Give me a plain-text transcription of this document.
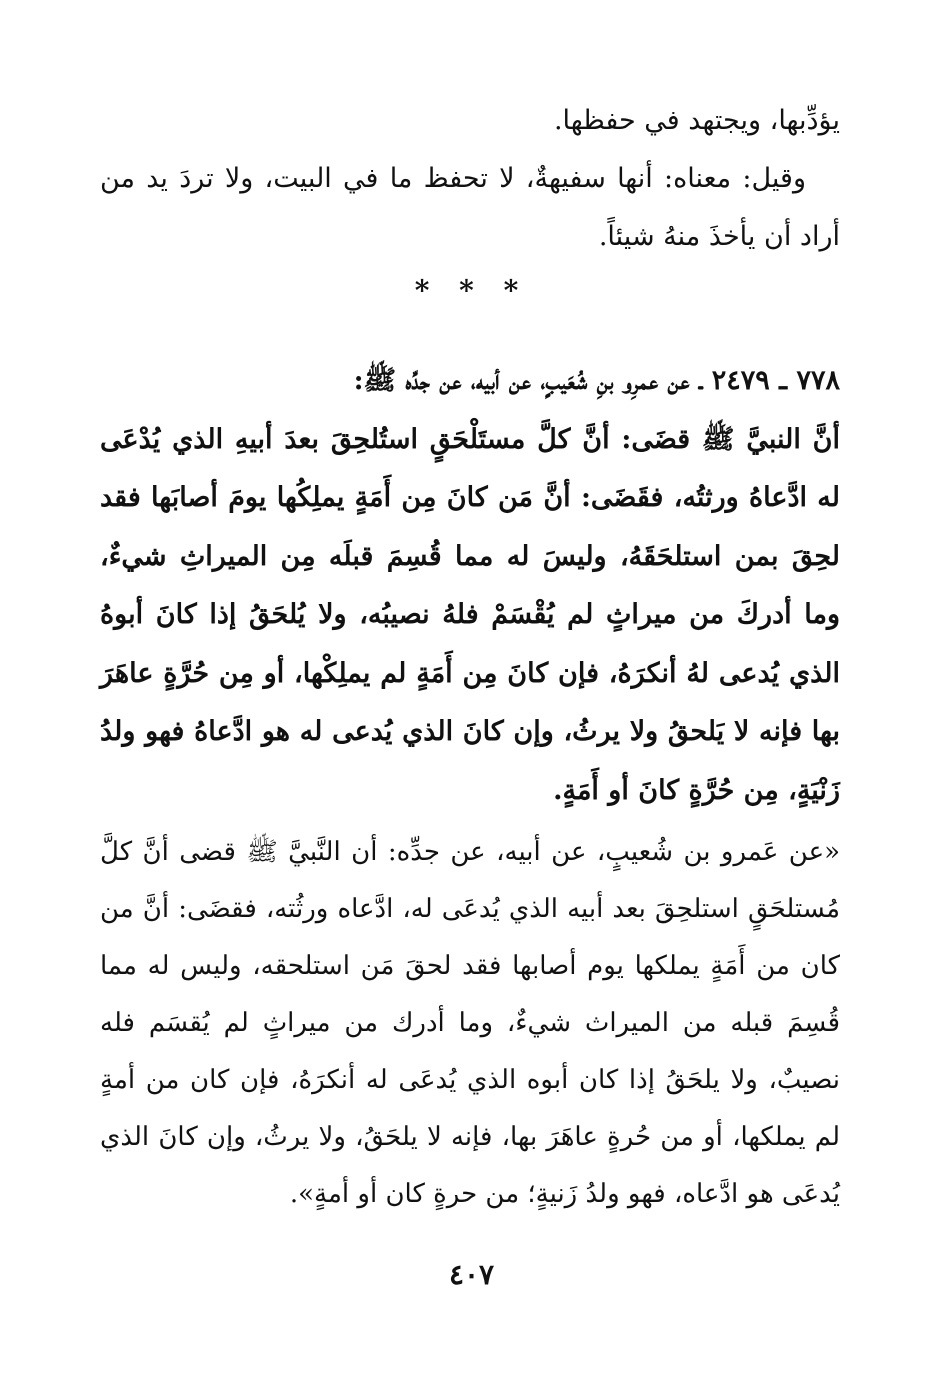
يؤدِّبها، ويجتهد في حفظها.

وقيل: معناه: أنها سفيهةٌ، لا تحفظ ما في البيت، ولا تردَ يد من أراد أن يأخذَ منهُ شيئاً.

* * *

٧٧٨ ـ ٢٤٧٩ ـ عن عمرِو بنِ شُعَيبٍ، عن أبيه، عن جدِّه ﷺ:

أنَّ النبيَّ ﷺ قضَى: أنَّ كلَّ مستَلْحَقٍ استُلحِقَ بعدَ أبيهِ الذي يُدْعَى له ادَّعاهُ ورثتُه، فقَضَى: أنَّ مَن كانَ مِن أَمَةٍ يملِكُها يومَ أصابَها فقد لحِقَ بمن استلحَقَهُ، وليسَ له مما قُسِمَ قبلَه مِن الميراثِ شيءٌ، وما أدركَ من ميراثٍ لم يُقْسَمْ فلهُ نصيبُه، ولا يُلحَقُ إذا كانَ أبوهُ الذي يُدعى لهُ أنكرَهُ، فإن كانَ مِن أَمَةٍ لم يملِكْها، أو مِن حُرَّةٍ عاهَرَ بها فإنه لا يَلحقُ ولا يرثُ، وإن كانَ الذي يُدعى له هو ادَّعاهُ فهو ولدُ زَنْيَةٍ، مِن حُرَّةٍ كانَ أو أَمَةٍ.

«عن عَمرو بن شُعيبٍ، عن أبيه، عن جدِّه: أن النَّبيَّ ﷺ قضى أنَّ كلَّ مُستلحَقٍ استلحِقَ بعد أبيه الذي يُدعَى له، ادَّعاه ورثُته، فقضَى: أنَّ من كان من أَمَةٍ يملكها يوم أصابها فقد لحقَ مَن استلحقه، وليس له مما قُسِمَ قبله من الميراث شيءٌ، وما أدرك من ميراثٍ لم يُقسَم فله نصيبٌ، ولا يلحَقُ إذا كان أبوه الذي يُدعَى له أنكرَهُ، فإن كان من أمةٍ لم يملكها، أو من حُرةٍ عاهَرَ بها، فإنه لا يلحَقُ، ولا يرثُ، وإن كانَ الذي يُدعَى هو ادَّعاه، فهو ولدُ زَنيةٍ؛ من حرةٍ كان أو أمةٍ».

٤٠٧
